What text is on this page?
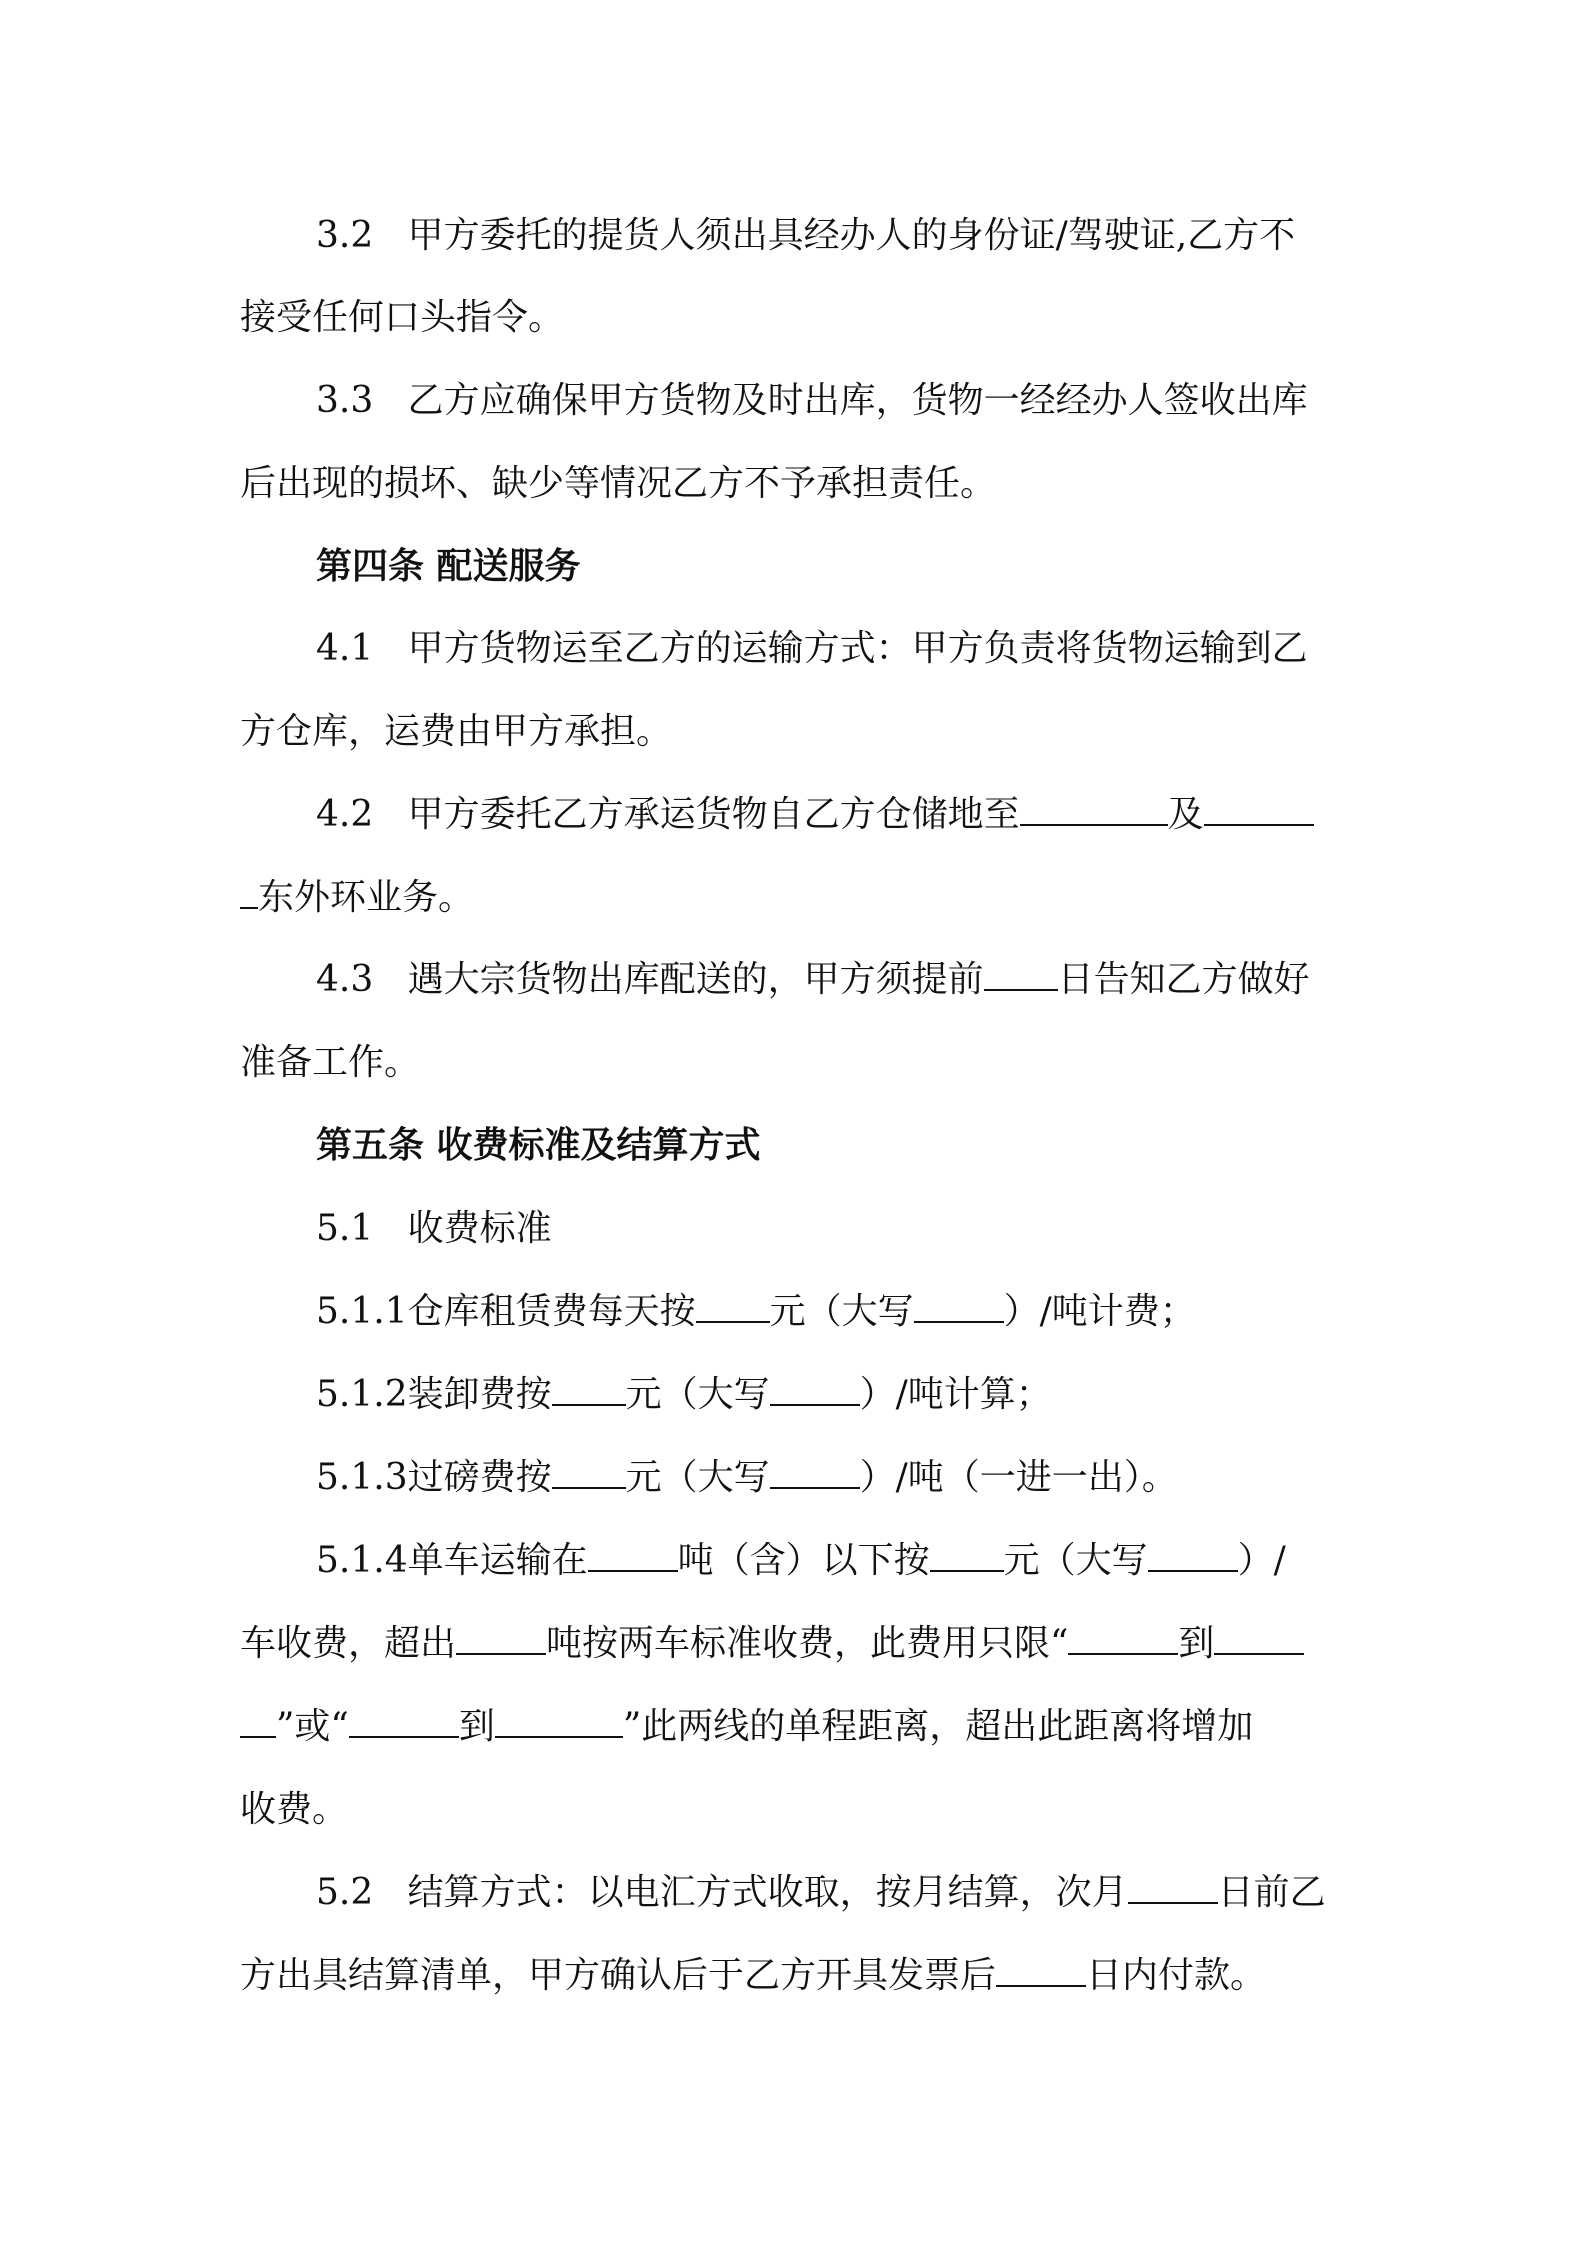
3.2 甲方委托的提货人须出具经办人的身份证/驾驶证,乙方不
接受任何口头指令。
3.3 乙方应确保甲方货物及时出库，货物一经经办人签收出库
后出现的损坏、缺少等情况乙方不予承担责任。
第四条 配送服务
4.1 甲方货物运至乙方的运输方式：甲方负责将货物运输到乙
方仓库，运费由甲方承担。
4.2 甲方委托乙方承运货物自乙方仓储地至	及
东外环业务。
4.3 遇大宗货物出库配送的，甲方须提前 日告知乙方做好
准备工作。
第五条 收费标准及结算方式
5.1 收费标准
5.1.1仓库租赁费每天按 元（大写	）/吨计费；
5.1.2装卸费按 元（大写	）/吨计算；
5.1.3过磅费按 元（大写	）/吨（一进一出）。
5.1.4单车运输在	吨（含）以下按 元（大写	）/
车收费，超出	吨按两车标准收费，此费用只限“	到
”或“	到	”此两线的单程距离，超出此距离将增加
收费。
5.2 结算方式：以电汇方式收取，按月结算，次月	日前乙
方出具结算清单，甲方确认后于乙方开具发票后	日内付款。
